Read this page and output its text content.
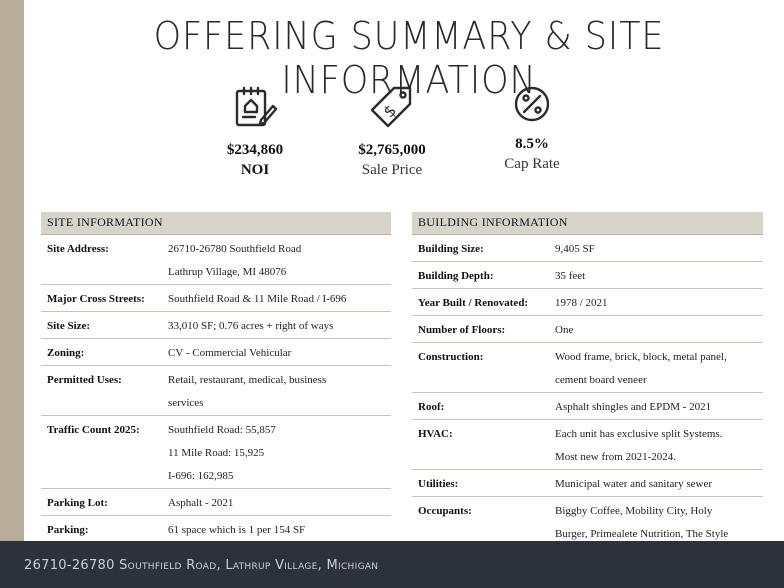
OFFERING SUMMARY & SITE INFORMATION
$234,860
NOI
$
$2,765,000
Sale Price
8.5%
Cap Rate
SITE INFORMATION	
Site Address:	26710-26780 Southfield Road
Lathrup Village, MI 48076

Major Cross Streets:	Southfield Road & 11 Mile Road / I-696

Site Size:	33,010 SF; 0.76 acres + right of ways

Zoning:	CV - Commercial Vehicular

Permitted Uses:	Retail, restaurant, medical, business
services

Traffic Count 2025:	Southfield Road: 55,857
11 Mile Road: 15,925
I-696: 162,985

Parking Lot:	Asphalt - 2021

Parking:	61 space which is 1 per 154 SF
BUILDING INFORMATION	
Building Size:	9,405 SF

Building Depth:	35 feet

Year Built / Renovated:	1978 / 2021

Number of Floors:	One

Construction:	Wood frame, brick, block, metal panel,
cement board veneer

Roof:	Asphalt shingles and EPDM - 2021

HVAC:	Each unit has exclusive split Systems.
Most new from 2021-2024.

Utilities:	Municipal water and sanitary sewer

Occupants:	Biggby Coffee, Mobility City, Holy
Burger, Primealete Nutrition, The Style
26710-26780 Southfield Road, Lathrup Village, Michigan
